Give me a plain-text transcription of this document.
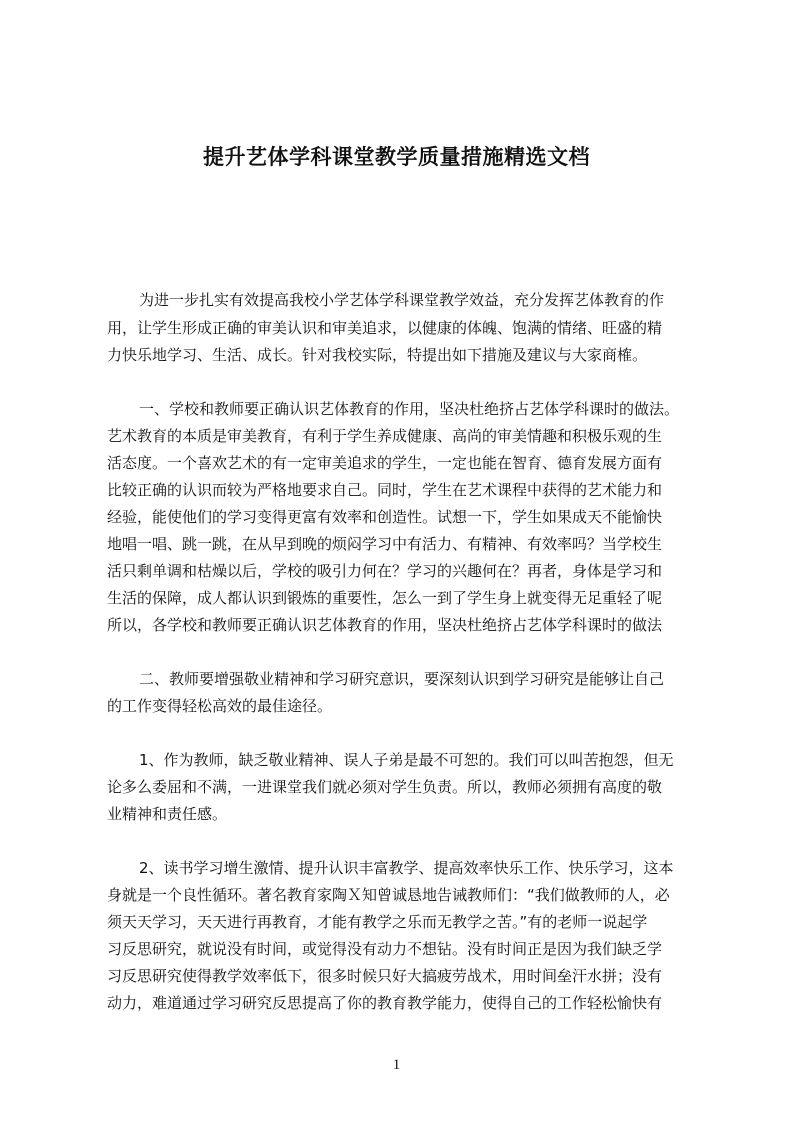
提升艺体学科课堂教学质量措施精选文档

为进一步扎实有效提高我校小学艺体学科课堂教学效益，充分发挥艺体教育的作

用，让学生形成正确的审美认识和审美追求，以健康的体魄、饱满的情绪、旺盛的精

力快乐地学习、生活、成长。针对我校实际，特提出如下措施及建议与大家商榷。

一、学校和教师要正确认识艺体教育的作用，坚决杜绝挤占艺体学科课时的做法。

艺术教育的本质是审美教育，有利于学生养成健康、高尚的审美情趣和积极乐观的生

活态度。一个喜欢艺术的有一定审美追求的学生，一定也能在智育、德育发展方面有

比较正确的认识而较为严格地要求自己。同时，学生在艺术课程中获得的艺术能力和

经验，能使他们的学习变得更富有效率和创造性。试想一下，学生如果成天不能愉快

地唱一唱、跳一跳，在从早到晚的烦闷学习中有活力、有精神、有效率吗？当学校生

活只剩单调和枯燥以后，学校的吸引力何在？学习的兴趣何在？再者，身体是学习和

生活的保障，成人都认识到锻炼的重要性，怎么一到了学生身上就变得无足重轻了呢

所以，各学校和教师要正确认识艺体教育的作用，坚决杜绝挤占艺体学科课时的做法

二、教师要增强敬业精神和学习研究意识，要深刻认识到学习研究是能够让自己

的工作变得轻松高效的最佳途径。

1、作为教师，缺乏敬业精神、误人子弟是最不可恕的。我们可以叫苦抱怨，但无

论多么委屈和不满，一进课堂我们就必须对学生负责。所以，教师必须拥有高度的敬

业精神和责任感。

2、读书学习增生激情、提升认识丰富教学、提高效率快乐工作、快乐学习，这本

身就是一个良性循环。著名教育家陶Ｘ知曾诚恳地告诫教师们：“我们做教师的人，必

须天天学习，天天进行再教育，才能有教学之乐而无教学之苦。”有的老师一说起学

习反思研究，就说没有时间，或觉得没有动力不想钻。没有时间正是因为我们缺乏学

习反思研究使得教学效率低下，很多时候只好大搞疲劳战术，用时间垒汗水拼；没有

动力，难道通过学习研究反思提高了你的教育教学能力，使得自己的工作轻松愉快有

1
